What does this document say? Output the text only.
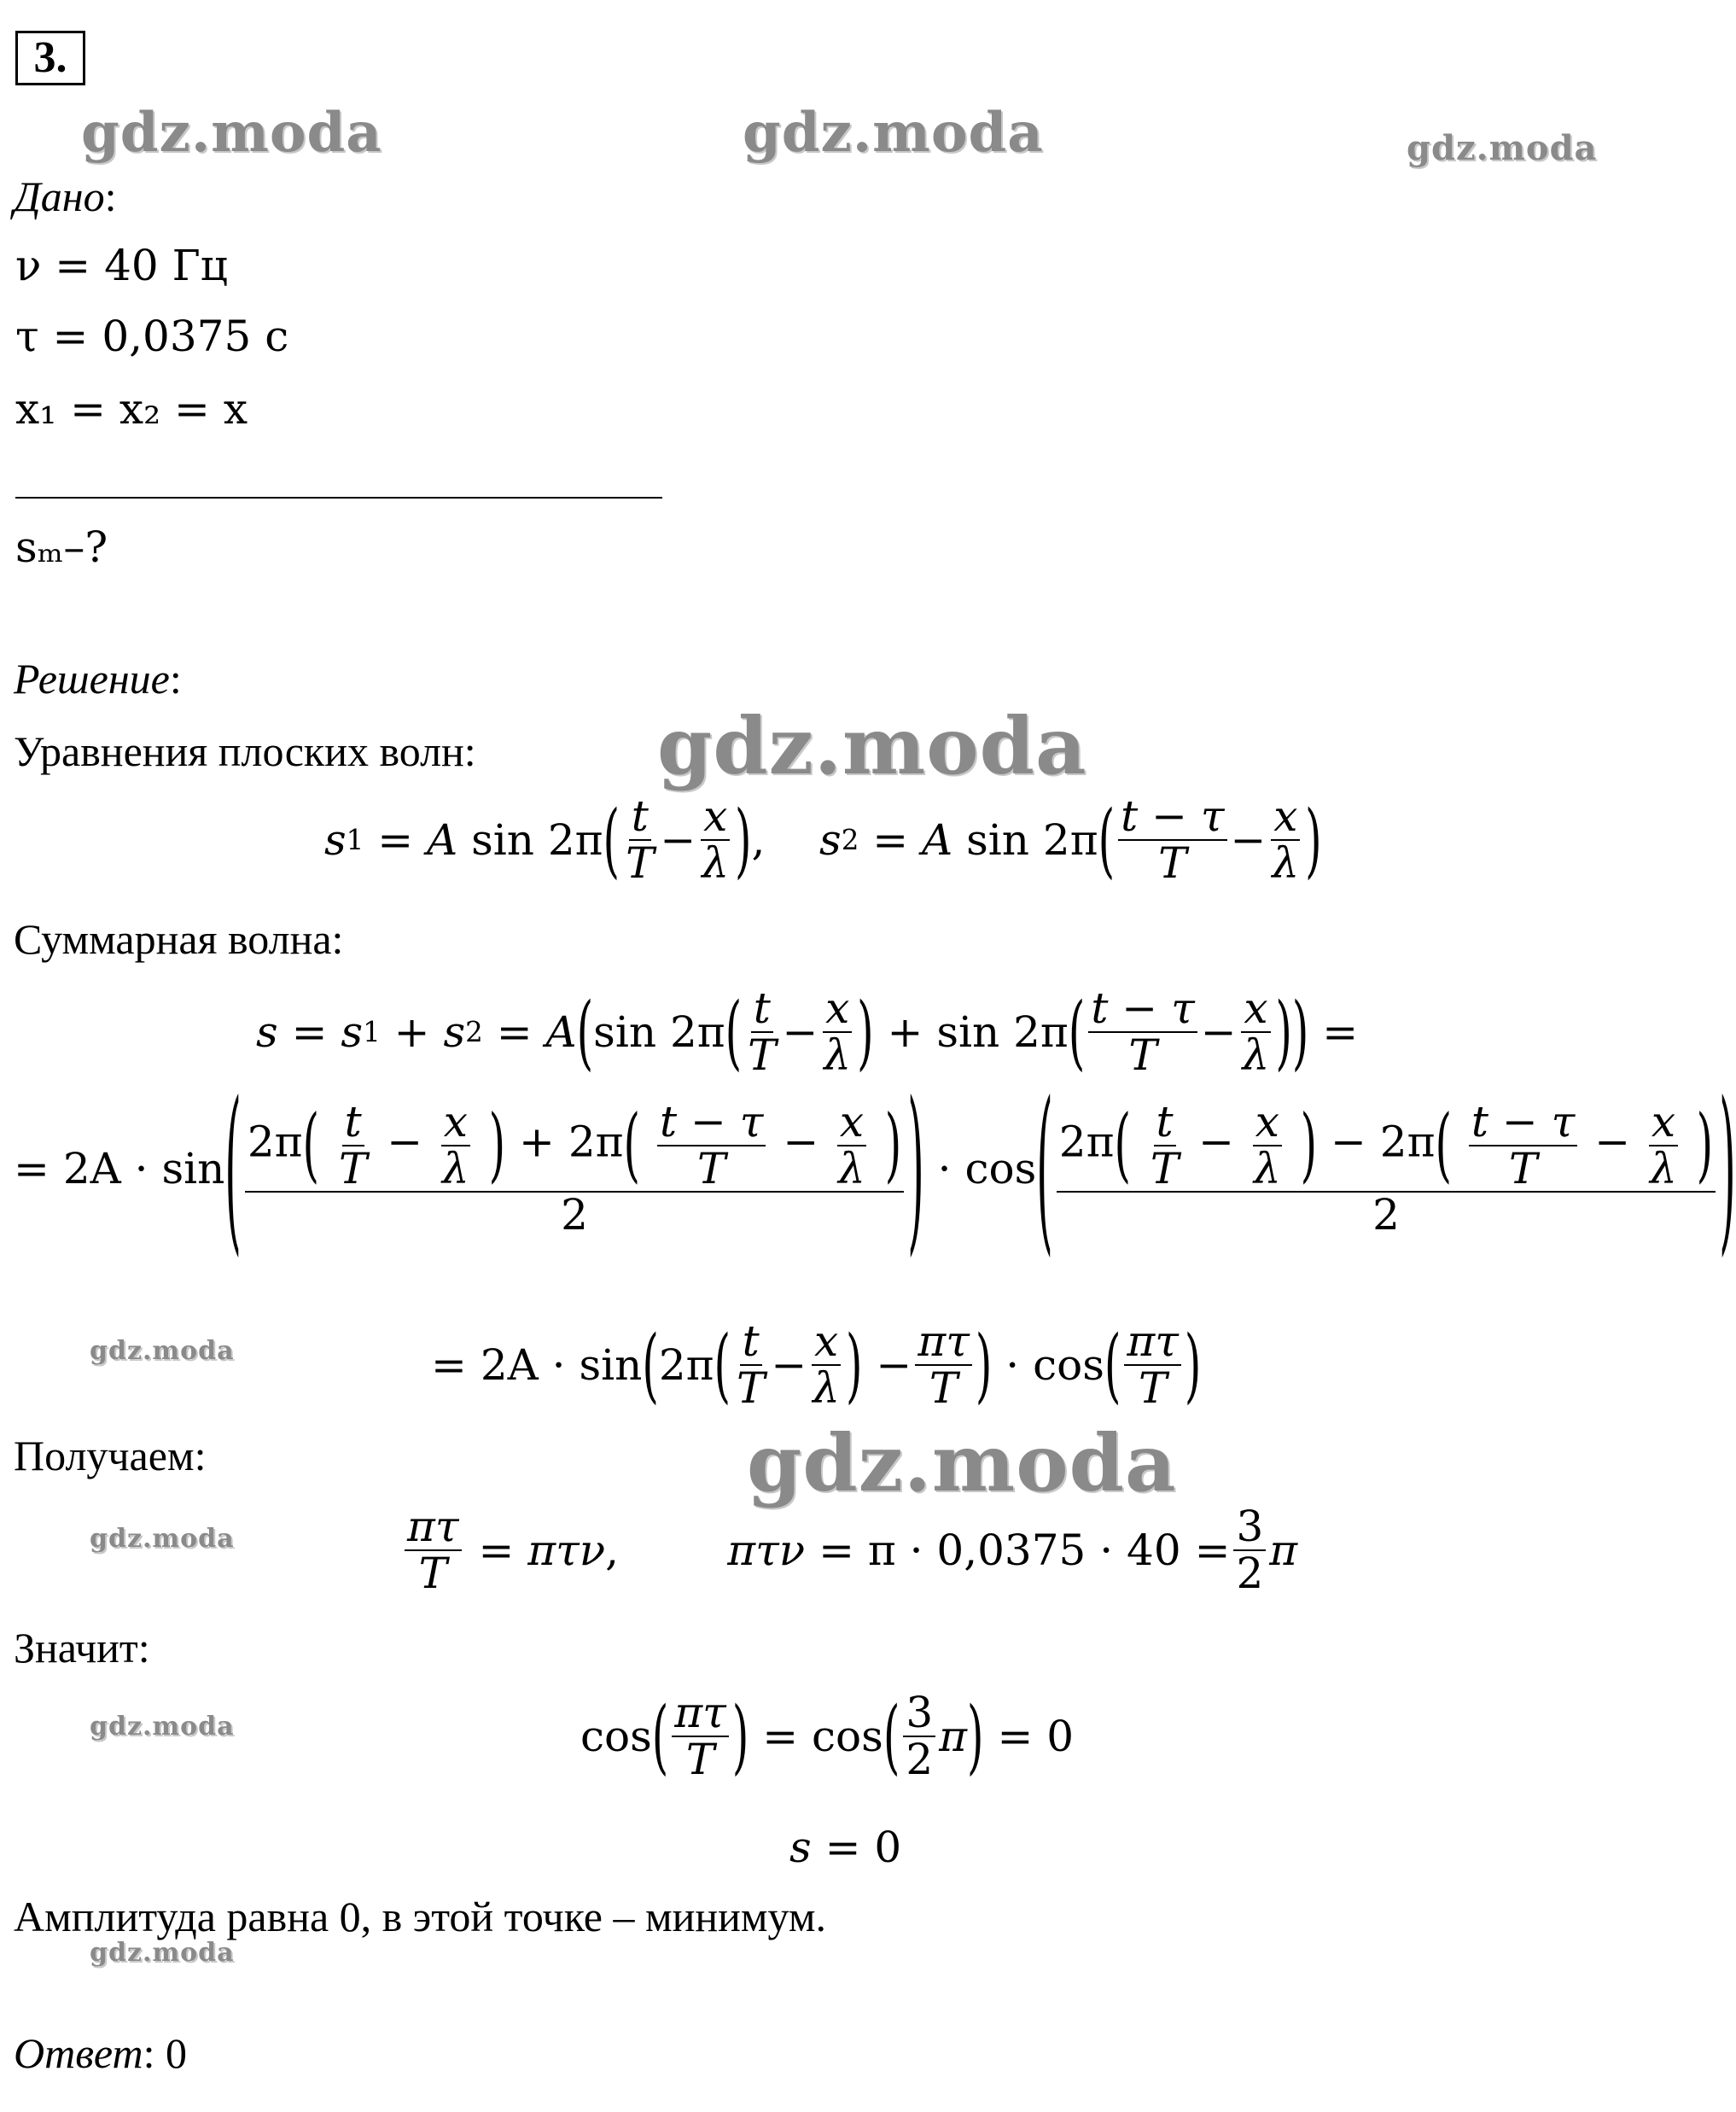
3.
gdz.moda	gdz.moda	gdz.moda
gdz.moda
gdz.moda
gdz.moda
gdz.moda
gdz.moda
gdz.moda
Дано:
ν = 40 Гц
τ = 0,0375 с
x₁ = x₂ = x
sₘ–?
Решение:
Уравнения плоских волн:
s 1
=
A
sin
2π ( t
$T - \frac{x}{\lambda}$ ) ,
s 2
=
A
sin
2π ( t − τ
$T - \frac{x}{\lambda}$ )
Суммарная волна:
s
=
s 1
+
s 2
=
A ( sin
2π ( t
$T - \frac{x}{\lambda}$ )
+
sin
2π ( t − τ
$T - \frac{x}{\lambda}$ ) )
=
=
2A
·
sin ( $2\pi( \frac{t}{T} - \frac{x}{\lambda}$ ) + $2\pi( \frac{t - \tau}{T} - \frac{x}{\lambda}$ )
2	)
·
cos ( $2\pi( \frac{t}{T} - \frac{x}{\lambda}$ ) − $2\pi( \frac{t - \tau}{T} - \frac{x}{\lambda}$ )
2	)
=
2A
·
sin ( 2π ( t
$T - \frac{x}{\lambda}$ )
− $\frac{\pi\tau}{T}$ )
·
cos ( πτ
T )
Получаем:
$\frac{\pi\tau}{T}$
=
πτν ,
	πτν
=
π · 0,0375 · 40
= $\frac{3}{2}$ π
Значит:
cos ( πτ
T )
=
cos ( 3
2 π )
=
0
s
=
0
Амплитуда равна 0, в этой точке – минимум.
Ответ: 0
